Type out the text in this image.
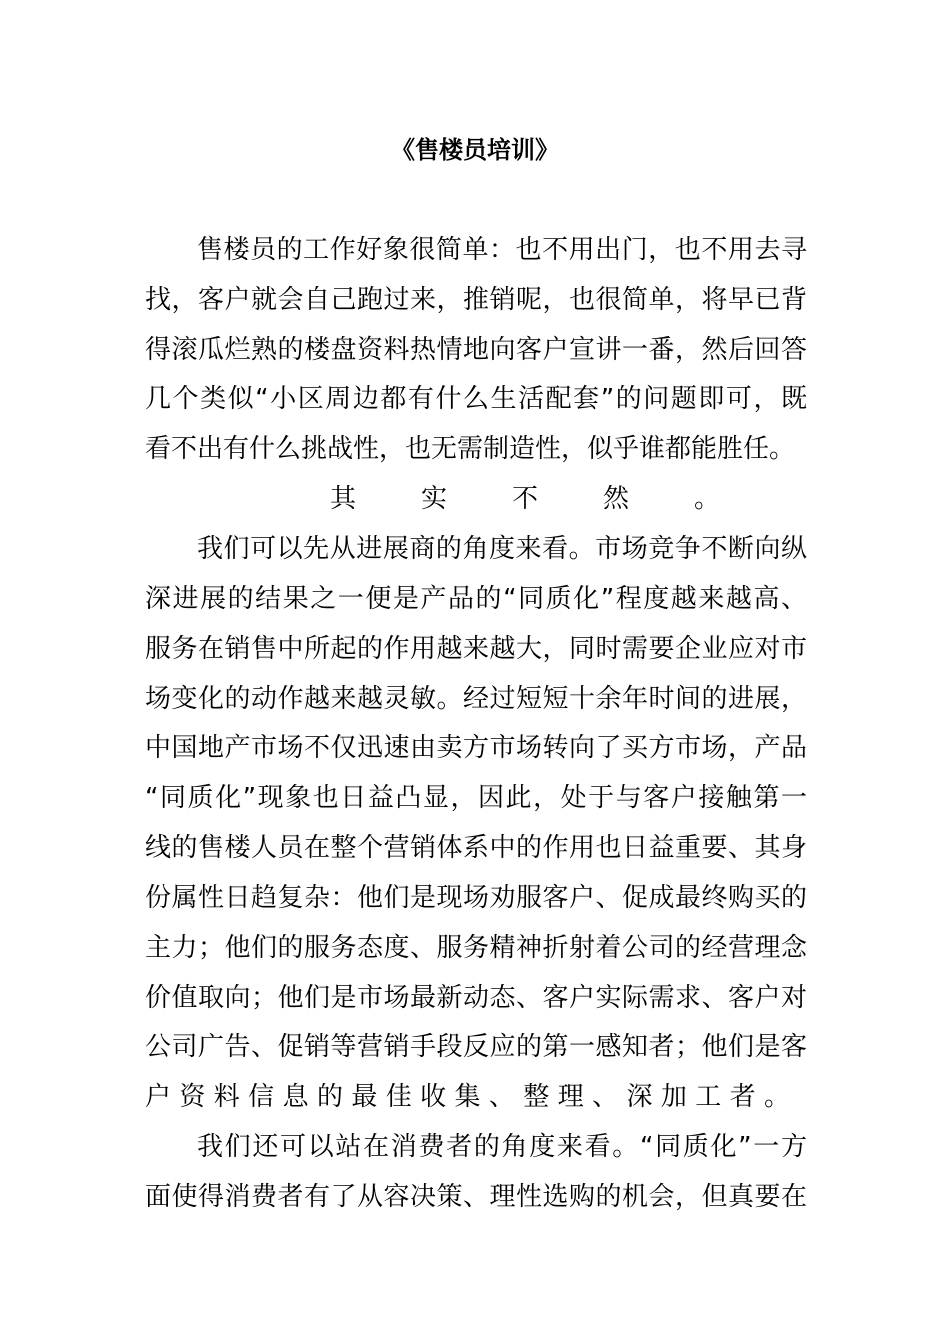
《售楼员培训》
售楼员的工作好象很简单：也不用出门，也不用去寻
找，客户就会自己跑过来，推销呢，也很简单，将早已背
得滚瓜烂熟的楼盘资料热情地向客户宣讲一番，然后回答
几个类似“小区周边都有什么生活配套”的问题即可，既
看不出有什么挑战性，也无需制造性，似乎谁都能胜任。
其 实 不 然 。
我们可以先从进展商的角度来看。市场竞争不断向纵
深进展的结果之一便是产品的“同质化”程度越来越高、
服务在销售中所起的作用越来越大，同时需要企业应对市
场变化的动作越来越灵敏。经过短短十余年时间的进展，
中国地产市场不仅迅速由卖方市场转向了买方市场，产品
“同质化”现象也日益凸显，因此，处于与客户接触第一
线的售楼人员在整个营销体系中的作用也日益重要、其身
份属性日趋复杂：他们是现场劝服客户、促成最终购买的
主力；他们的服务态度、服务精神折射着公司的经营理念
价值取向；他们是市场最新动态、客户实际需求、客户对
公司广告、促销等营销手段反应的第一感知者；他们是客
户 资 料 信 息 的 最 佳 收 集 、 整 理 、 深 加 工 者 。
我们还可以站在消费者的角度来看。“同质化”一方
面使得消费者有了从容决策、理性选购的机会，但真要在
